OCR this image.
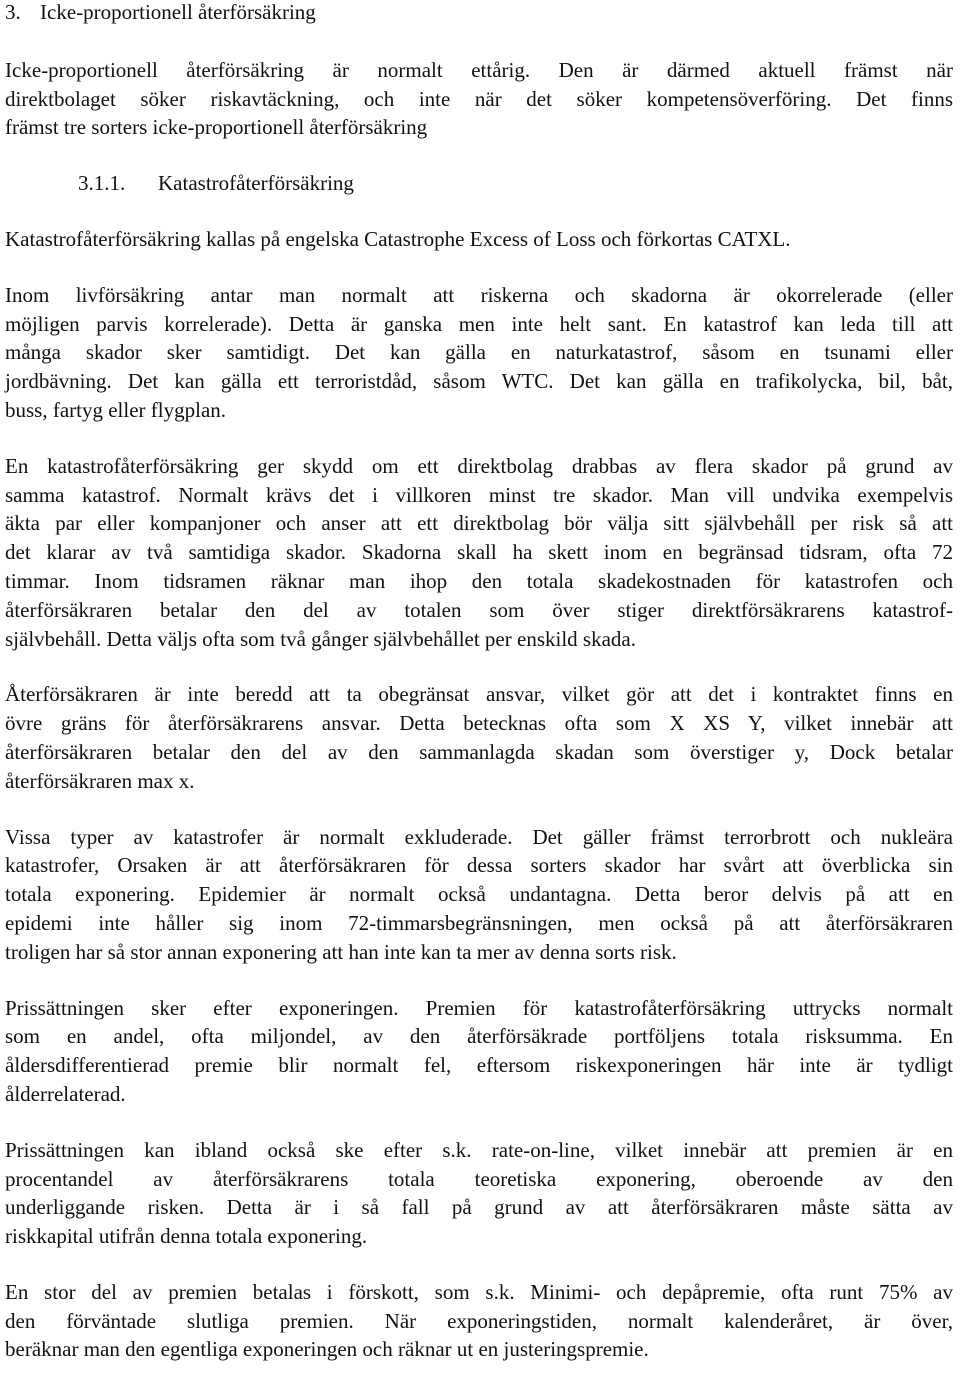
3. Icke-proportionell återförsäkring
Icke-proportionell återförsäkring är normalt ettårig. Den är därmed aktuell främst när
direktbolaget söker riskavtäckning, och inte när det söker kompetensöverföring. Det finns
främst tre sorters icke-proportionell återförsäkring
3.1.1. Katastrofåterförsäkring
Katastrofåterförsäkring kallas på engelska Catastrophe Excess of Loss och förkortas CATXL.
Inom livförsäkring antar man normalt att riskerna och skadorna är okorrelerade (eller
möjligen parvis korrelerade). Detta är ganska men inte helt sant. En katastrof kan leda till att
många skador sker samtidigt. Det kan gälla en naturkatastrof, såsom en tsunami eller
jordbävning. Det kan gälla ett terroristdåd, såsom WTC. Det kan gälla en trafikolycka, bil, båt,
buss, fartyg eller flygplan.
En katastrofåterförsäkring ger skydd om ett direktbolag drabbas av flera skador på grund av
samma katastrof. Normalt krävs det i villkoren minst tre skador. Man vill undvika exempelvis
äkta par eller kompanjoner och anser att ett direktbolag bör välja sitt självbehåll per risk så att
det klarar av två samtidiga skador. Skadorna skall ha skett inom en begränsad tidsram, ofta 72
timmar. Inom tidsramen räknar man ihop den totala skadekostnaden för katastrofen och
återförsäkraren betalar den del av totalen som över stiger direktförsäkrarens katastrof-
självbehåll. Detta väljs ofta som två gånger självbehållet per enskild skada.
Återförsäkraren är inte beredd att ta obegränsat ansvar, vilket gör att det i kontraktet finns en
övre gräns för återförsäkrarens ansvar. Detta betecknas ofta som X XS Y, vilket innebär att
återförsäkraren betalar den del av den sammanlagda skadan som överstiger y, Dock betalar
återförsäkraren max x.
Vissa typer av katastrofer är normalt exkluderade. Det gäller främst terrorbrott och nukleära
katastrofer, Orsaken är att återförsäkraren för dessa sorters skador har svårt att överblicka sin
totala exponering. Epidemier är normalt också undantagna. Detta beror delvis på att en
epidemi inte håller sig inom 72-timmarsbegränsningen, men också på att återförsäkraren
troligen har så stor annan exponering att han inte kan ta mer av denna sorts risk.
Prissättningen sker efter exponeringen. Premien för katastrofåterförsäkring uttrycks normalt
som en andel, ofta miljondel, av den återförsäkrade portföljens totala risksumma. En
åldersdifferentierad premie blir normalt fel, eftersom riskexponeringen här inte är tydligt
ålderrelaterad.
Prissättningen kan ibland också ske efter s.k. rate-on-line, vilket innebär att premien är en
procentandel av återförsäkrarens totala teoretiska exponering, oberoende av den
underliggande risken. Detta är i så fall på grund av att återförsäkraren måste sätta av
riskkapital utifrån denna totala exponering.
En stor del av premien betalas i förskott, som s.k. Minimi- och depåpremie, ofta runt 75% av
den förväntade slutliga premien. När exponeringstiden, normalt kalenderåret, är över,
beräknar man den egentliga exponeringen och räknar ut en justeringspremie.
